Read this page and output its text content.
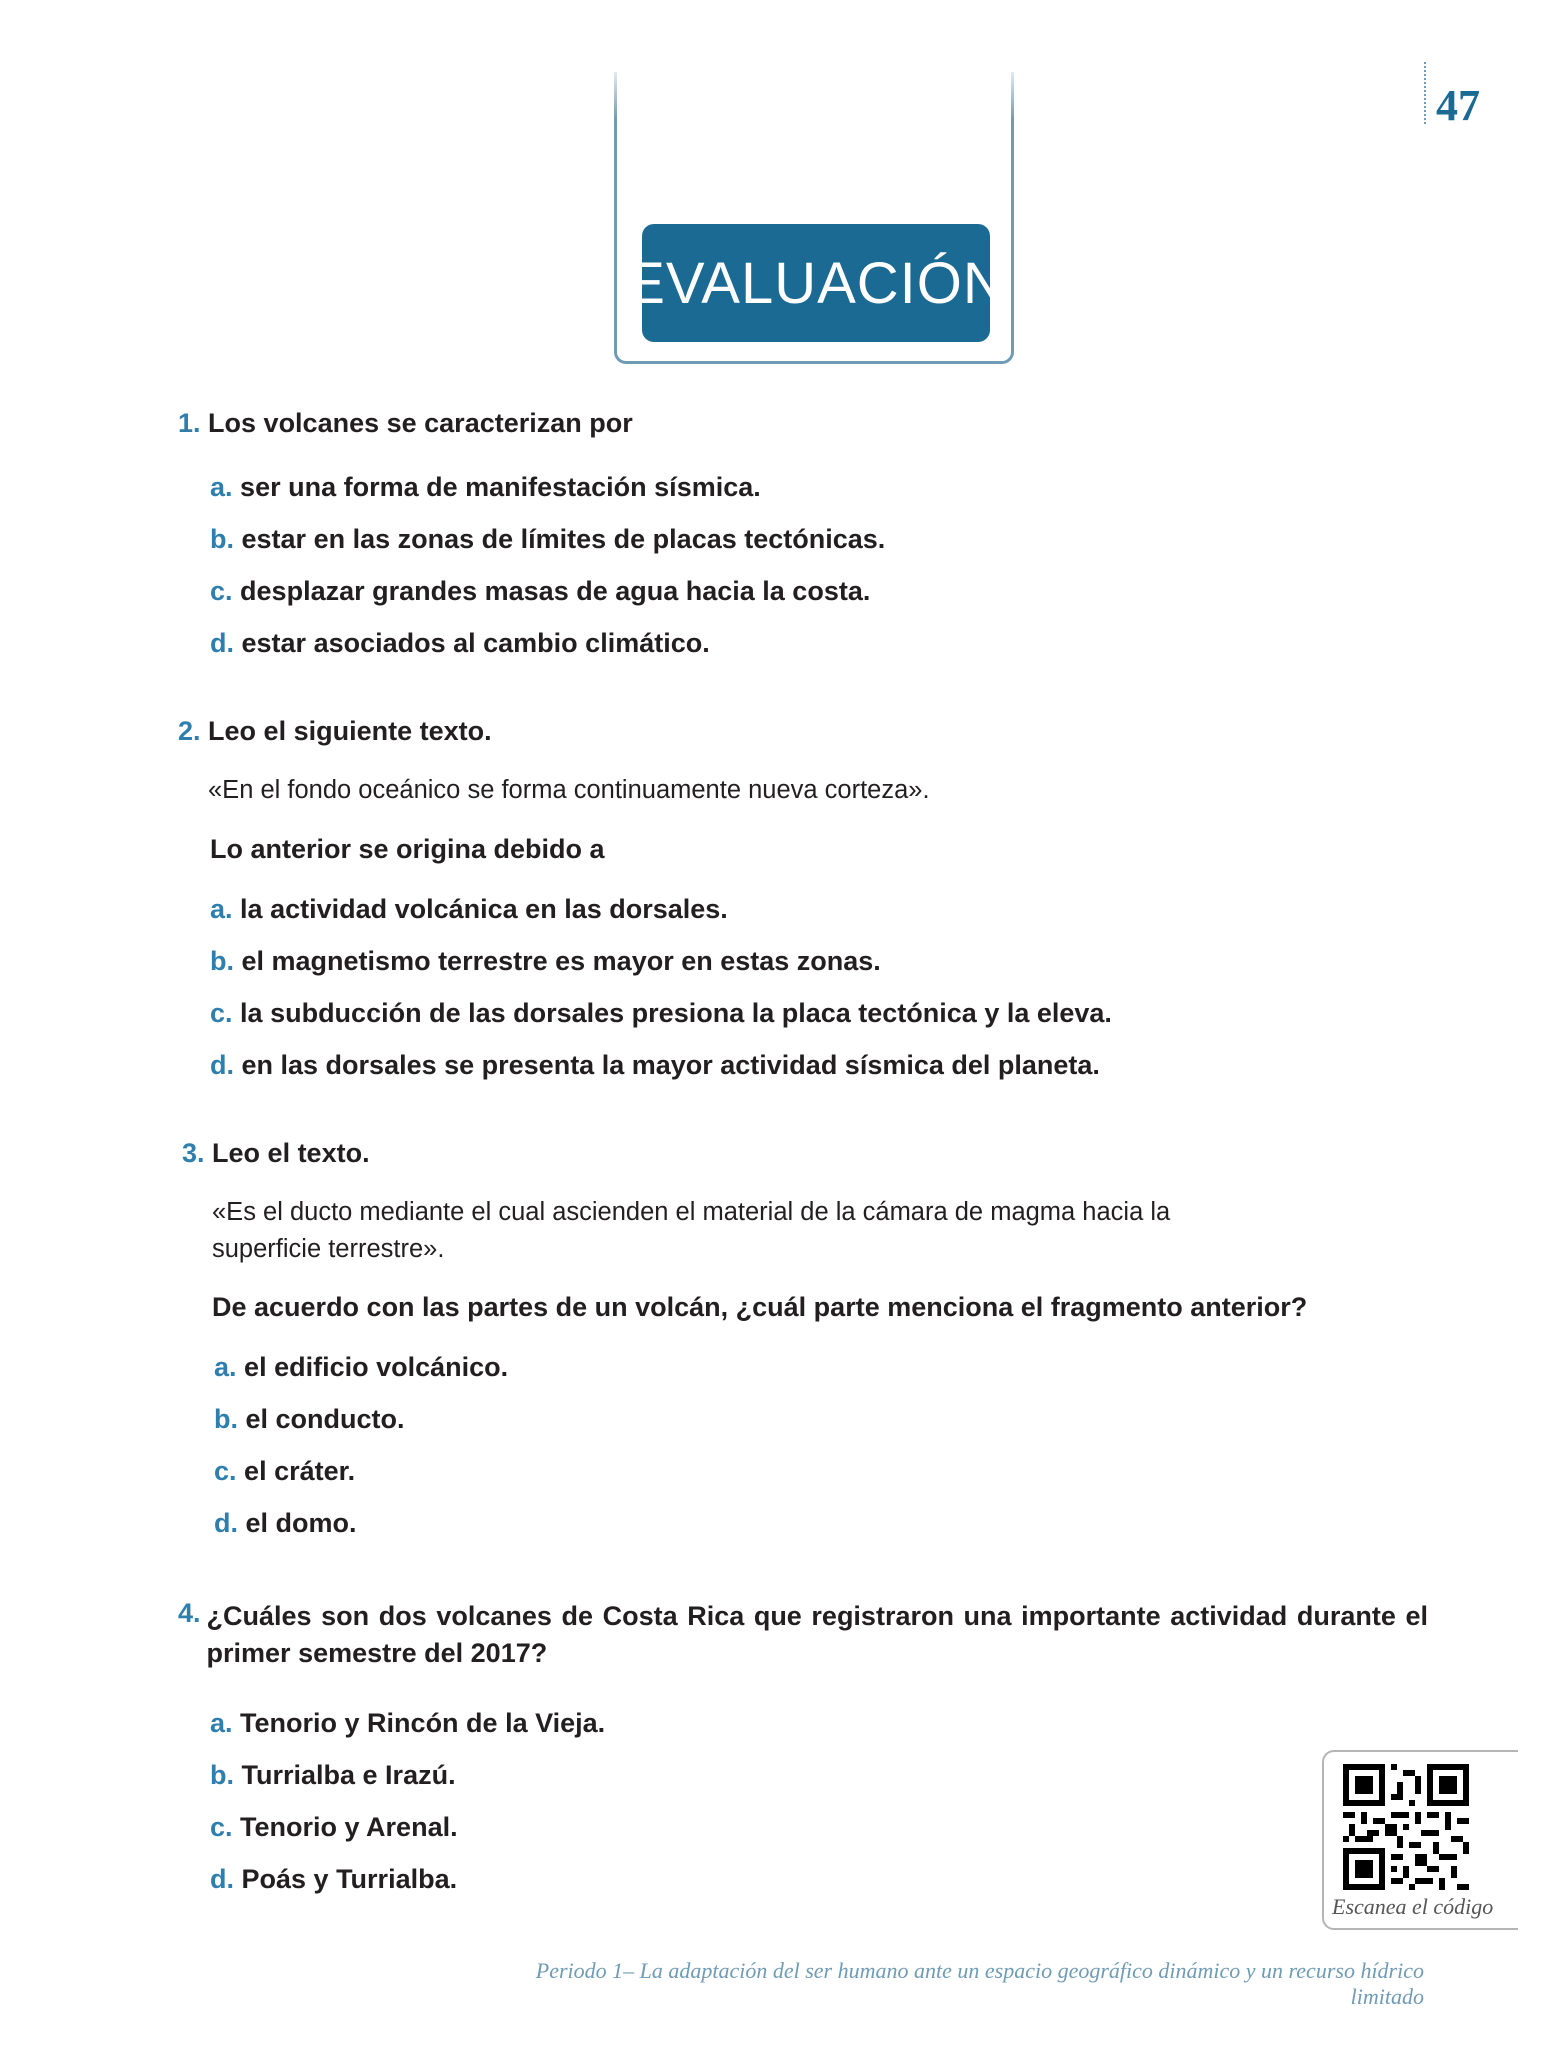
47
EVALUACIÓN
1. Los volcanes se caracterizan por
a. ser una forma de manifestación sísmica.
b. estar en las zonas de límites de placas tectónicas.
c. desplazar grandes masas de agua hacia la costa.
d. estar asociados al cambio climático.
2. Leo el siguiente texto.
«En el fondo oceánico se forma continuamente nueva corteza».
Lo anterior se origina debido a
a. la actividad volcánica en las dorsales.
b. el magnetismo terrestre es mayor en estas zonas.
c. la subducción de las dorsales presiona la placa tectónica y la eleva.
d. en las dorsales se presenta la mayor actividad sísmica del planeta.
3. Leo el texto.
«Es el ducto mediante el cual ascienden el material de la cámara de magma hacia la superficie terrestre».
De acuerdo con las partes de un volcán, ¿cuál parte menciona el fragmento anterior?
a. el edificio volcánico.
b. el conducto.
c. el cráter.
d. el domo.
4. ¿Cuáles son dos volcanes de Costa Rica que registraron una importante actividad durante el primer semestre del 2017?
a. Tenorio y Rincón de la Vieja.
b. Turrialba e Irazú.
c. Tenorio y Arenal.
d. Poás y Turrialba.
Escanea el código
Periodo 1– La adaptación del ser humano ante un espacio geográfico dinámico y un recurso hídrico limitado
